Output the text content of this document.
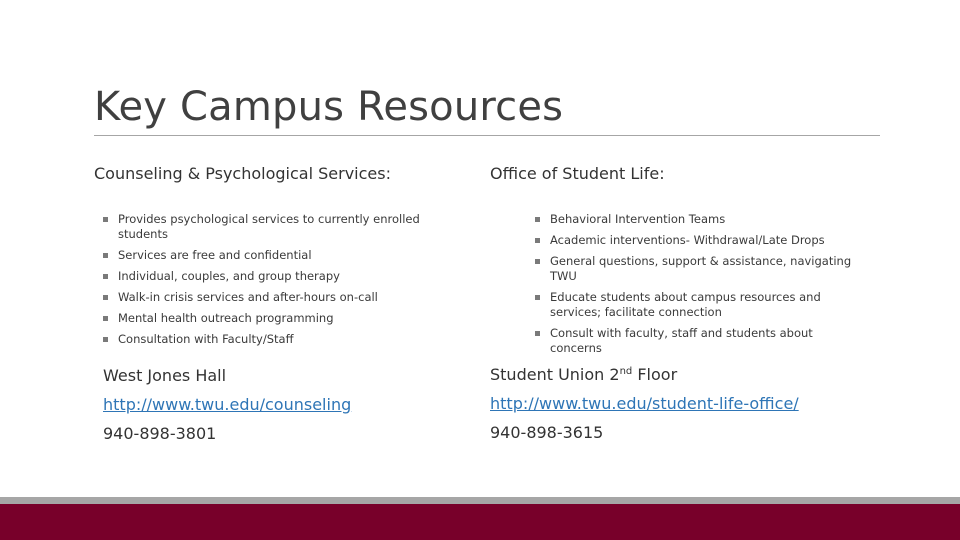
Key Campus Resources
Counseling & Psychological Services:	Office of Student Life:
Provides psychological services to currently enrolled students
Services are free and confidential
Individual, couples, and group therapy
Walk-in crisis services and after-hours on-call
Mental health outreach programming
Consultation with Faculty/Staff
Behavioral Intervention Teams
Academic interventions- Withdrawal/Late Drops
General questions, support & assistance, navigating TWU
Educate students about campus resources and services; facilitate connection
Consult with faculty, staff and students about concerns
West Jones Hall
http://www.twu.edu/counseling
940-898-3801
Student Union 2nd Floor
http://www.twu.edu/student-life-office/
940-898-3615
